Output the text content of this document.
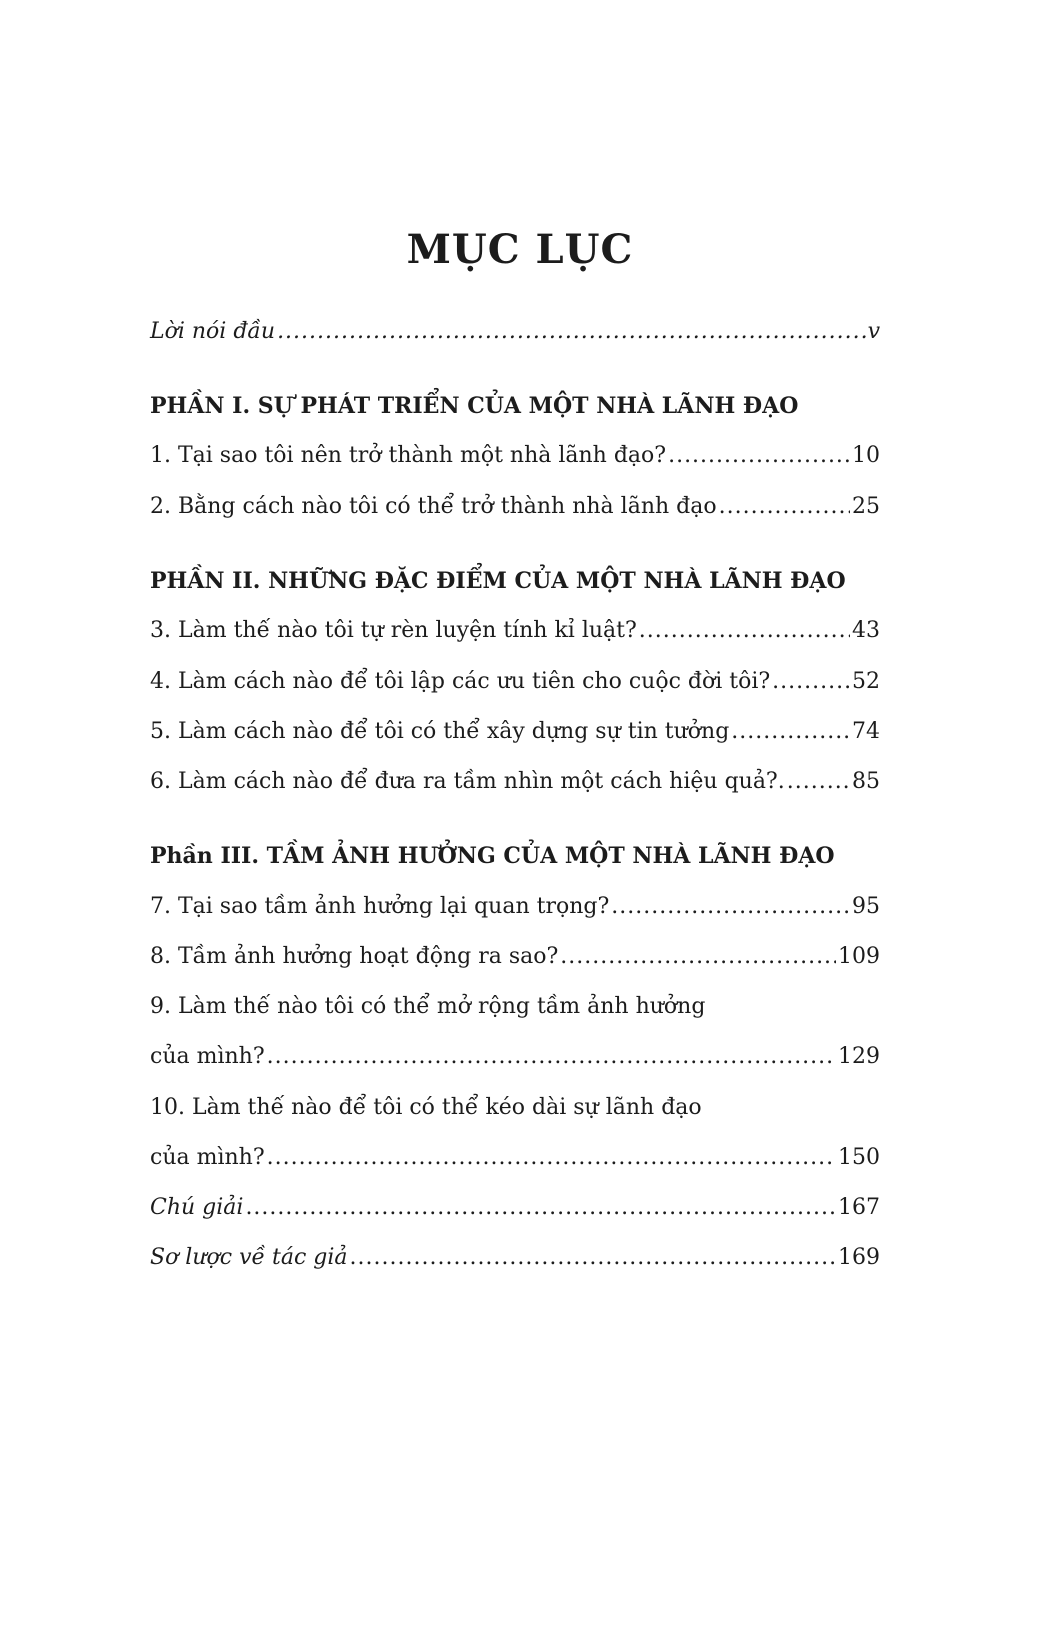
MỤC LỤC
Lời nói đầu .....	v
PHẦN I. SỰ PHÁT TRIỂN CỦA MỘT NHÀ LÃNH ĐẠO
1. Tại sao tôi nên trở thành một nhà lãnh đạo? .....	10
2. Bằng cách nào tôi có thể trở thành nhà lãnh đạo .....	25
PHẦN II. NHỮNG ĐẶC ĐIỂM CỦA MỘT NHÀ LÃNH ĐẠO
3. Làm thế nào tôi tự rèn luyện tính kỉ luật? .....	43
4. Làm cách nào để tôi lập các ưu tiên cho cuộc đời tôi? .....	52
5. Làm cách nào để tôi có thể xây dựng sự tin tưởng .....	74
6. Làm cách nào để đưa ra tầm nhìn một cách hiệu quả?. .....	85
Phần III. TẦM ẢNH HƯỞNG CỦA MỘT NHÀ LÃNH ĐẠO
7. Tại sao tầm ảnh hưởng lại quan trọng? .....	95
8. Tầm ảnh hưởng hoạt động ra sao? .....	109
9. Làm thế nào tôi có thể mở rộng tầm ảnh hưởng
của mình? .....	129
10. Làm thế nào để tôi có thể kéo dài sự lãnh đạo
của mình? .....	150
Chú giải .....	167
Sơ lược về tác giả .....	169
